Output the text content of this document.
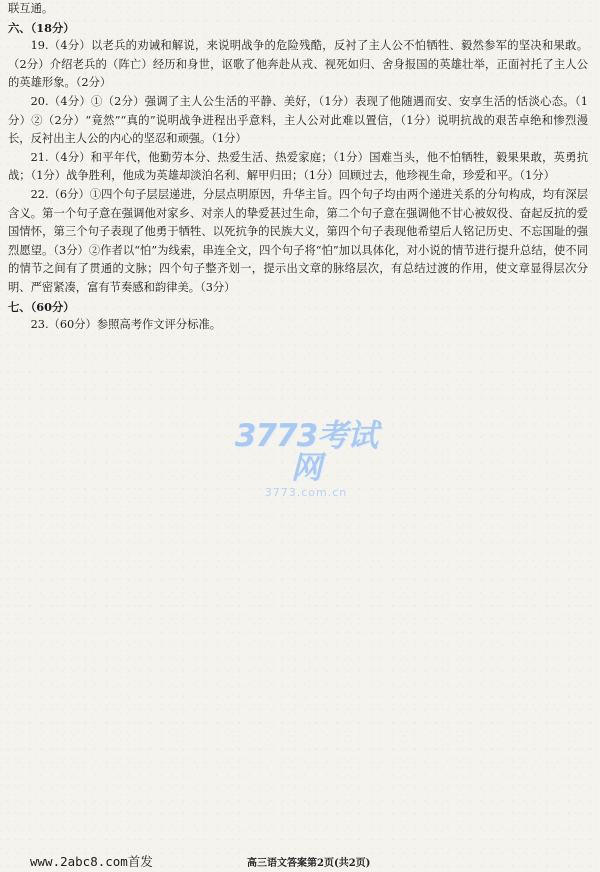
联互通。

六、（18分）

19.（4分）以老兵的劝诫和解说，来说明战争的危险残酷，反衬了主人公不怕牺牲、毅然参军的坚决和果敢。（2分）介绍老兵的（阵亡）经历和身世，讴歌了他奔赴从戎、视死如归、舍身报国的英雄壮举，正面衬托了主人公的英雄形象。（2分）

20.（4分）①（2分）强调了主人公生活的平静、美好，（1分）表现了他随遇而安、安享生活的恬淡心态。（1分）②（2分）“竟然”“真的”说明战争进程出乎意料，主人公对此难以置信，（1分）说明抗战的艰苦卓绝和惨烈漫长，反衬出主人公的内心的坚忍和顽强。（1分）

21.（4分）和平年代，他勤劳本分、热爱生活、热爱家庭；（1分）国难当头，他不怕牺牲，毅果果敢，英勇抗战；（1分）战争胜利，他成为英雄却淡泊名利、解甲归田；（1分）回顾过去，他珍视生命，珍爱和平。（1分）

22.（6分）①四个句子层层递进，分层点明原因，升华主旨。四个句子均由两个递进关系的分句构成，均有深层含义。第一个句子意在强调他对家乡、对亲人的挚爱甚过生命，第二个句子意在强调他不甘心被奴役、奋起反抗的爱国情怀，第三个句子表现了他勇于牺牲、以死抗争的民族大义，第四个句子表现他希望后人铭记历史、不忘国耻的强烈愿望。（3分）②作者以“怕”为线索，串连全文，四个句子将“怕”加以具体化，对小说的情节进行提升总结，使不同的情节之间有了贯通的文脉；四个句子整齐划一，提示出文章的脉络层次，有总结过渡的作用，使文章显得层次分明、严密紧凑，富有节奏感和韵律美。（3分）

七、（60分）

23.（60分）参照高考作文评分标准。

3773考试网
3773.com.cn
www.2abc8.com首发	高三语文答案第2页(共2页)
